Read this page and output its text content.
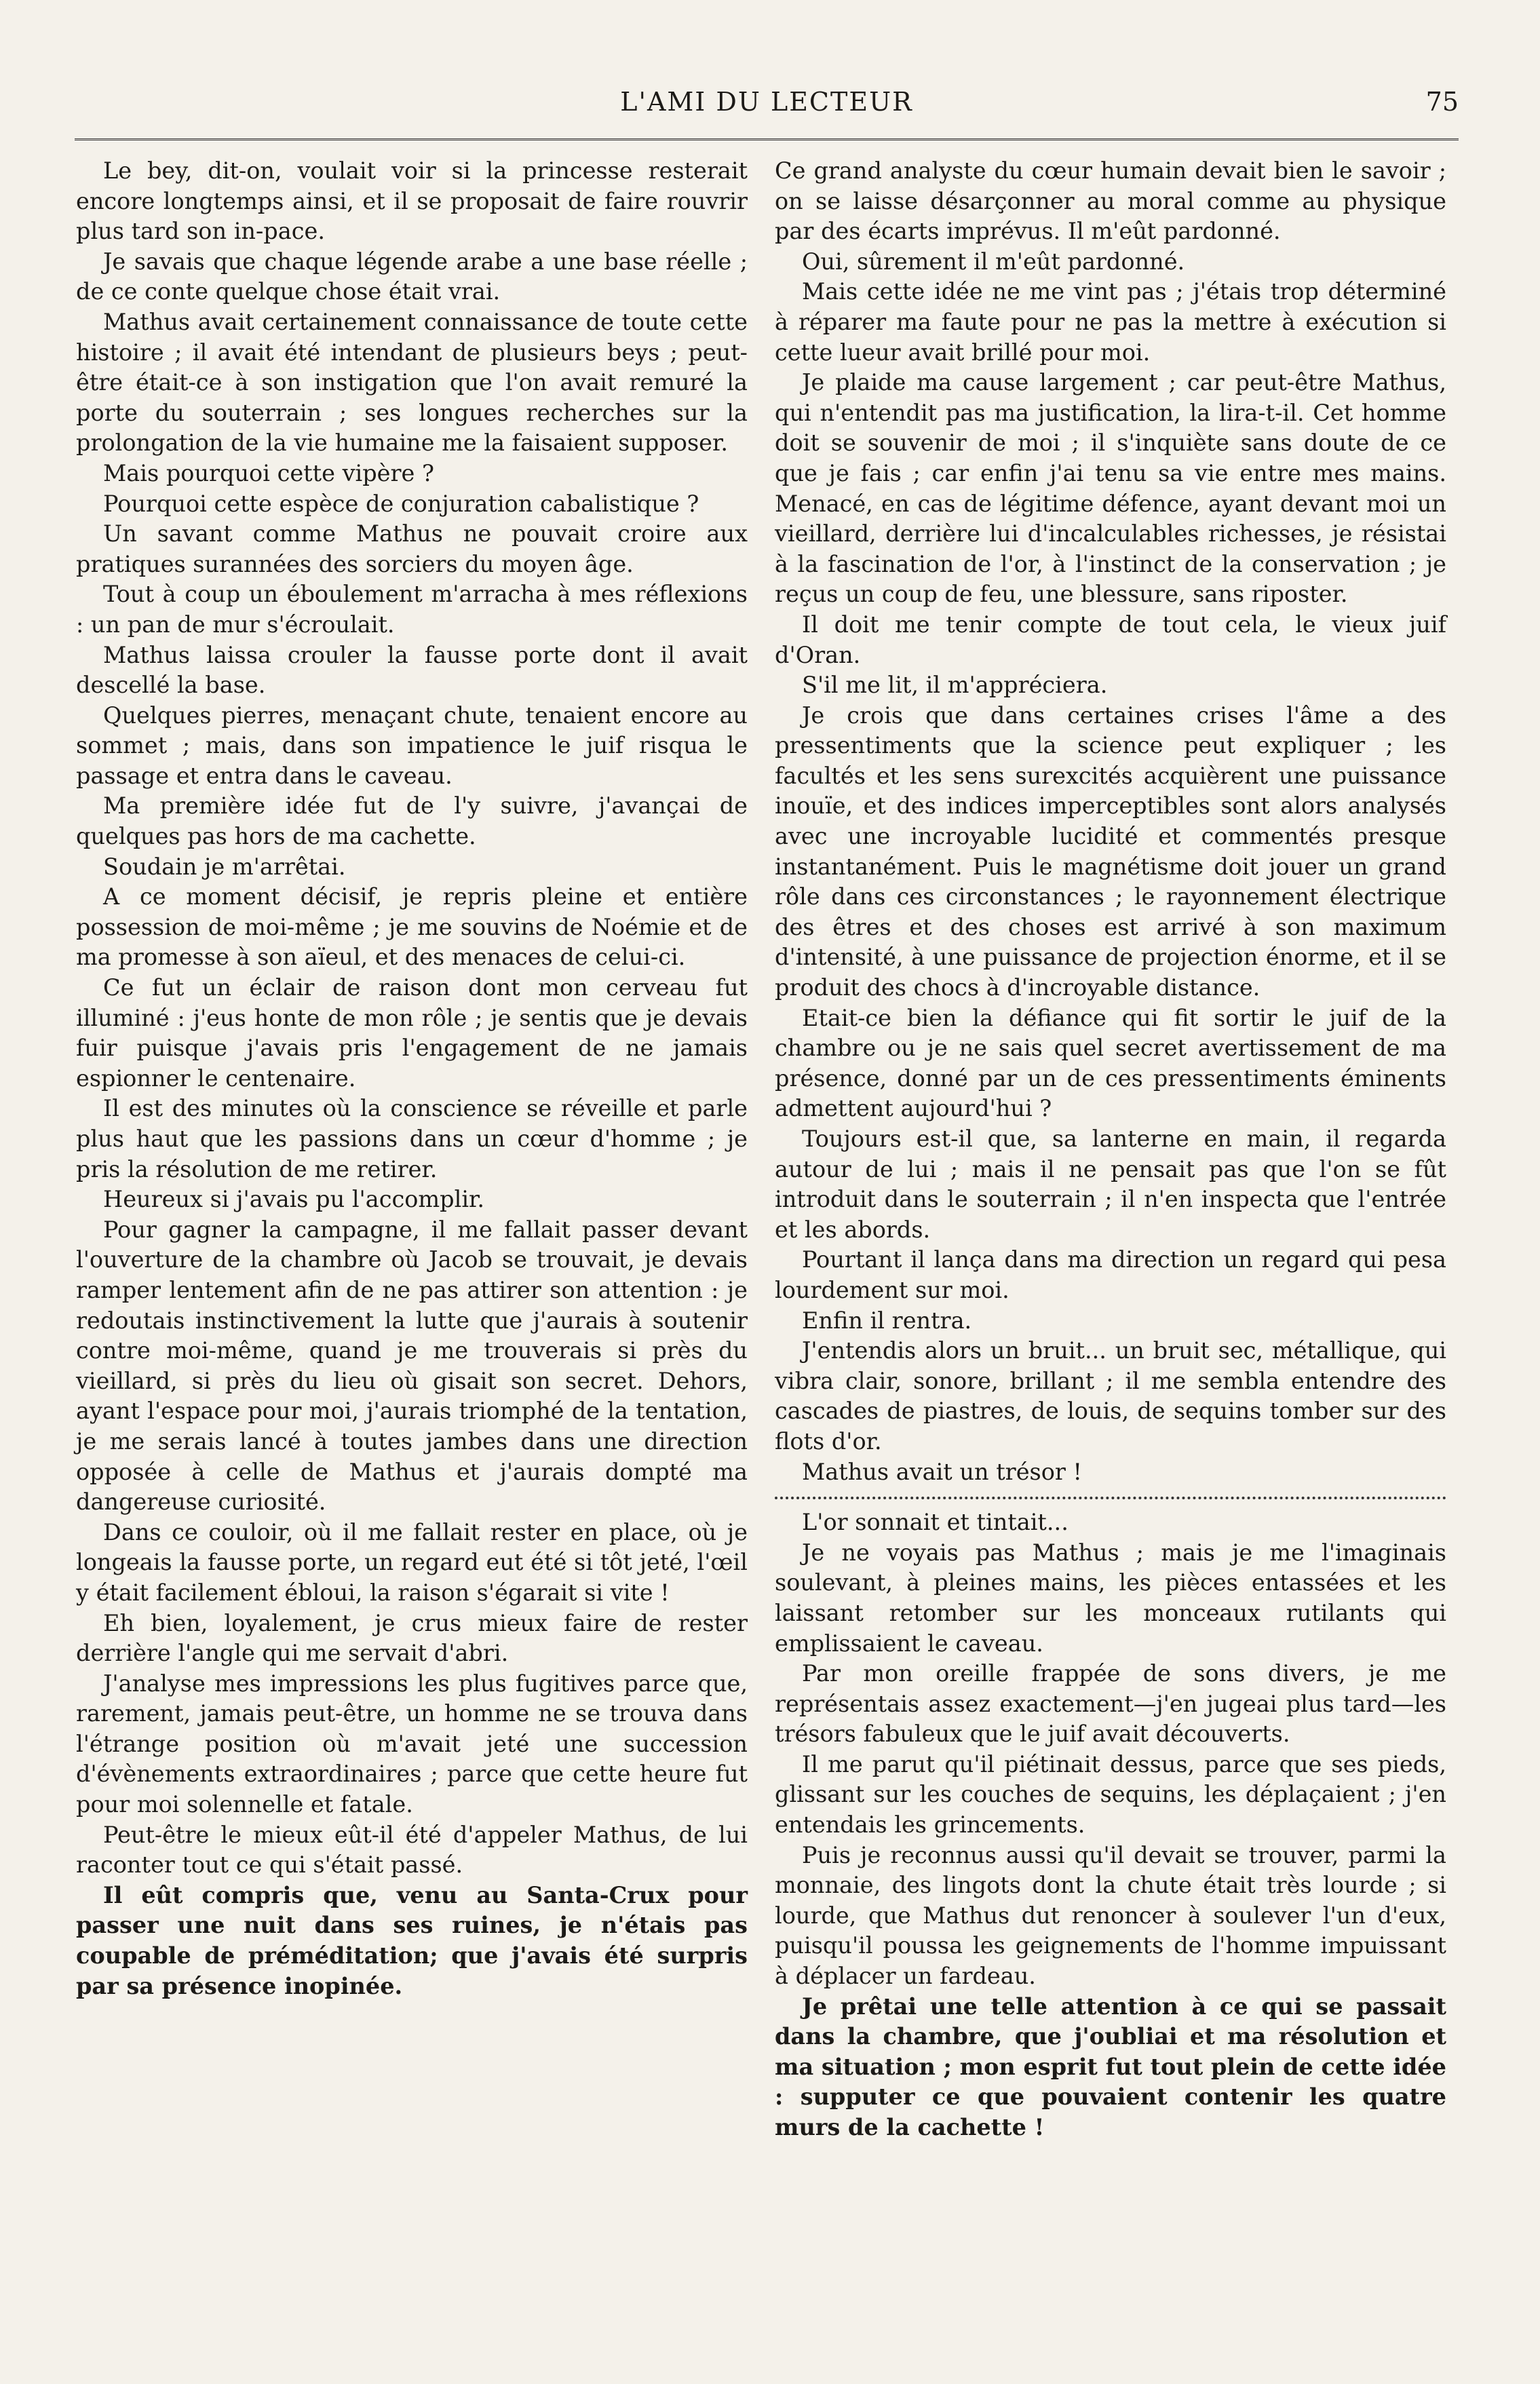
L'AMI DU LECTEUR	75

Le bey, dit-on, voulait voir si la princesse resterait encore longtemps ainsi, et il se proposait de faire rouvrir plus tard son in-pace.

Je savais que chaque légende arabe a une base réelle ; de ce conte quelque chose était vrai.

Mathus avait certainement connaissance de toute cette histoire ; il avait été intendant de plusieurs beys ; peut-être était-ce à son instigation que l'on avait remuré la porte du souterrain ; ses longues recherches sur la prolongation de la vie humaine me la faisaient supposer.

Mais pourquoi cette vipère ?

Pourquoi cette espèce de conjuration cabalistique ?

Un savant comme Mathus ne pouvait croire aux pratiques surannées des sorciers du moyen âge.

Tout à coup un éboulement m'arracha à mes réflexions : un pan de mur s'écroulait.

Mathus laissa crouler la fausse porte dont il avait descellé la base.

Quelques pierres, menaçant chute, tenaient encore au sommet ; mais, dans son impatience le juif risqua le passage et entra dans le caveau.

Ma première idée fut de l'y suivre, j'avançai de quelques pas hors de ma cachette.

Soudain je m'arrêtai.

A ce moment décisif, je repris pleine et entière possession de moi-même ; je me souvins de Noémie et de ma promesse à son aïeul, et des menaces de celui-ci.

Ce fut un éclair de raison dont mon cerveau fut illuminé : j'eus honte de mon rôle ; je sentis que je devais fuir puisque j'avais pris l'engagement de ne jamais espionner le centenaire.

Il est des minutes où la conscience se réveille et parle plus haut que les passions dans un cœur d'homme ; je pris la résolution de me retirer.

Heureux si j'avais pu l'accomplir.

Pour gagner la campagne, il me fallait passer devant l'ouverture de la chambre où Jacob se trouvait, je devais ramper lentement afin de ne pas attirer son attention : je redoutais instinctivement la lutte que j'aurais à soutenir contre moi-même, quand je me trouverais si près du vieillard, si près du lieu où gisait son secret. Dehors, ayant l'espace pour moi, j'aurais triomphé de la tentation, je me serais lancé à toutes jambes dans une direction opposée à celle de Mathus et j'aurais dompté ma dangereuse curiosité.

Dans ce couloir, où il me fallait rester en place, où je longeais la fausse porte, un regard eut été si tôt jeté, l'œil y était facilement ébloui, la raison s'égarait si vite !

Eh bien, loyalement, je crus mieux faire de rester derrière l'angle qui me servait d'abri.

J'analyse mes impressions les plus fugitives parce que, rarement, jamais peut-être, un homme ne se trouva dans l'étrange position où m'avait jeté une succession d'évènements extraordinaires ; parce que cette heure fut pour moi solennelle et fatale.

Peut-être le mieux eût-il été d'appeler Mathus, de lui raconter tout ce qui s'était passé.

Il eût compris que, venu au Santa-Crux pour passer une nuit dans ses ruines, je n'étais pas coupable de préméditation; que j'avais été surpris par sa présence inopinée.

Ce grand analyste du cœur humain devait bien le savoir ; on se laisse désarçonner au moral comme au physique par des écarts imprévus. Il m'eût pardonné.

Oui, sûrement il m'eût pardonné.

Mais cette idée ne me vint pas ; j'étais trop déterminé à réparer ma faute pour ne pas la mettre à exécution si cette lueur avait brillé pour moi.

Je plaide ma cause largement ; car peut-être Mathus, qui n'entendit pas ma justification, la lira-t-il. Cet homme doit se souvenir de moi ; il s'inquiète sans doute de ce que je fais ; car enfin j'ai tenu sa vie entre mes mains. Menacé, en cas de légitime défence, ayant devant moi un vieillard, derrière lui d'incalculables richesses, je résistai à la fascination de l'or, à l'instinct de la conservation ; je reçus un coup de feu, une blessure, sans riposter.

Il doit me tenir compte de tout cela, le vieux juif d'Oran.

S'il me lit, il m'appréciera.

Je crois que dans certaines crises l'âme a des pressentiments que la science peut expliquer ; les facultés et les sens surexcités acquièrent une puissance inouïe, et des indices imperceptibles sont alors analysés avec une incroyable lucidité et commentés presque instantanément. Puis le magnétisme doit jouer un grand rôle dans ces circonstances ; le rayonnement électrique des êtres et des choses est arrivé à son maximum d'intensité, à une puissance de projection énorme, et il se produit des chocs à d'incroyable distance.

Etait-ce bien la défiance qui fit sortir le juif de la chambre ou je ne sais quel secret avertissement de ma présence, donné par un de ces pressentiments éminents admettent aujourd'hui ?

Toujours est-il que, sa lanterne en main, il regarda autour de lui ; mais il ne pensait pas que l'on se fût introduit dans le souterrain ; il n'en inspecta que l'entrée et les abords.

Pourtant il lança dans ma direction un regard qui pesa lourdement sur moi.

Enfin il rentra.

J'entendis alors un bruit... un bruit sec, métallique, qui vibra clair, sonore, brillant ; il me sembla entendre des cascades de piastres, de louis, de sequins tomber sur des flots d'or.

Mathus avait un trésor !

L'or sonnait et tintait...

Je ne voyais pas Mathus ; mais je me l'imaginais soulevant, à pleines mains, les pièces entassées et les laissant retomber sur les monceaux rutilants qui emplissaient le caveau.

Par mon oreille frappée de sons divers, je me représentais assez exactement—j'en jugeai plus tard—les trésors fabuleux que le juif avait découverts.

Il me parut qu'il piétinait dessus, parce que ses pieds, glissant sur les couches de sequins, les déplaçaient ; j'en entendais les grincements.

Puis je reconnus aussi qu'il devait se trouver, parmi la monnaie, des lingots dont la chute était très lourde ; si lourde, que Mathus dut renoncer à soulever l'un d'eux, puisqu'il poussa les geignements de l'homme impuissant à déplacer un fardeau.

Je prêtai une telle attention à ce qui se passait dans la chambre, que j'oubliai et ma résolution et ma situation ; mon esprit fut tout plein de cette idée : supputer ce que pouvaient contenir les quatre murs de la cachette !
